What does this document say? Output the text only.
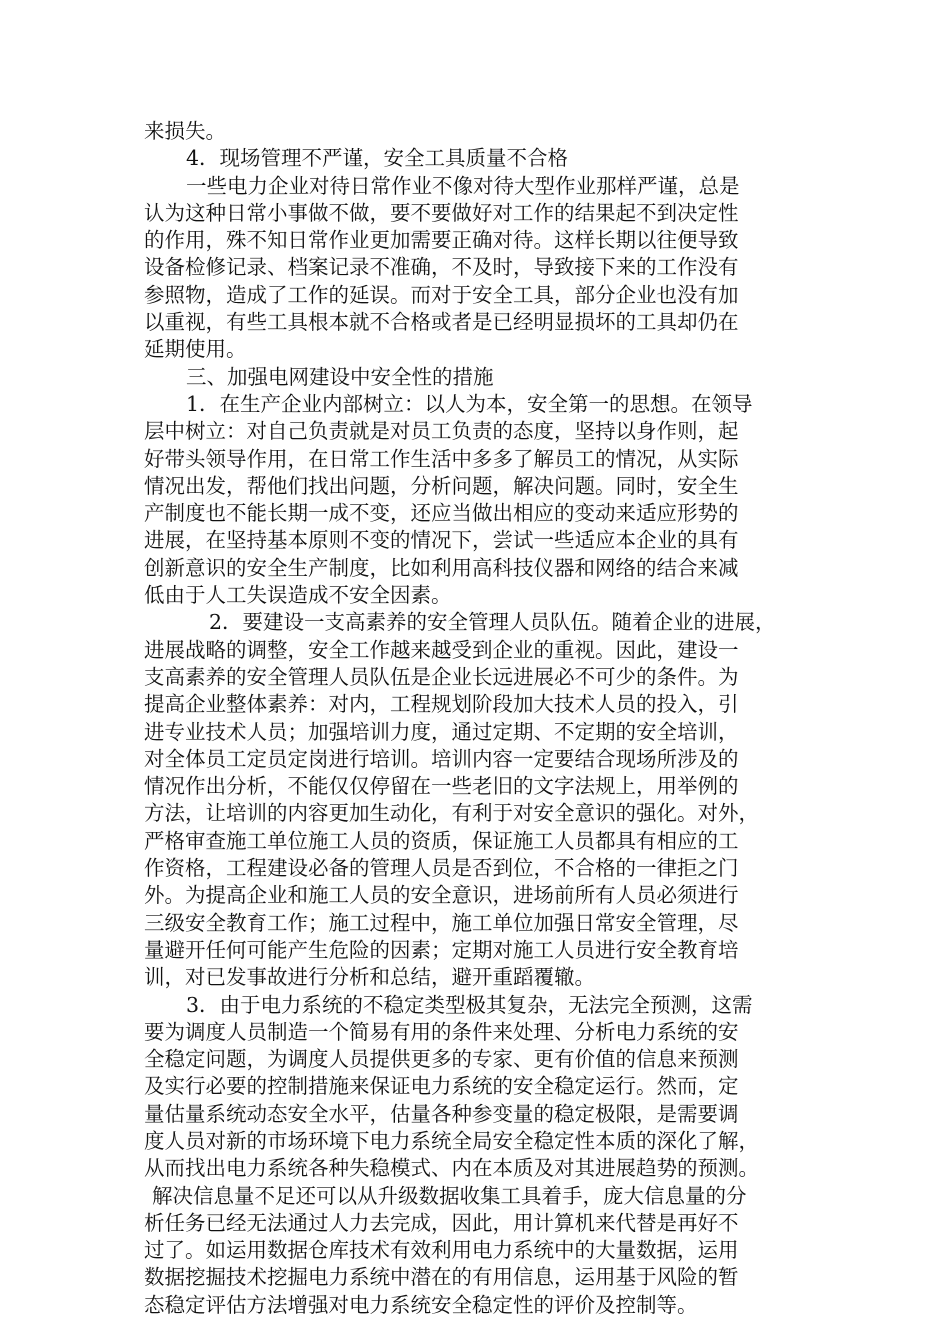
来损失。
4．现场管理不严谨，安全工具质量不合格
一些电力企业对待日常作业不像对待大型作业那样严谨，总是
认为这种日常小事做不做，要不要做好对工作的结果起不到决定性
的作用，殊不知日常作业更加需要正确对待。这样长期以往便导致
设备检修记录、档案记录不准确，不及时，导致接下来的工作没有
参照物，造成了工作的延误。而对于安全工具，部分企业也没有加
以重视，有些工具根本就不合格或者是已经明显损坏的工具却仍在
延期使用。
三、加强电网建设中安全性的措施
1．在生产企业内部树立：以人为本，安全第一的思想。在领导
层中树立：对自己负责就是对员工负责的态度，坚持以身作则，起
好带头领导作用，在日常工作生活中多多了解员工的情况，从实际
情况出发，帮他们找出问题，分析问题，解决问题。同时，安全生
产制度也不能长期一成不变，还应当做出相应的变动来适应形势的
进展，在坚持基本原则不变的情况下，尝试一些适应本企业的具有
创新意识的安全生产制度，比如利用高科技仪器和网络的结合来减
低由于人工失误造成不安全因素。
2．要建设一支高素养的安全管理人员队伍。随着企业的进展，
进展战略的调整，安全工作越来越受到企业的重视。因此，建设一
支高素养的安全管理人员队伍是企业长远进展必不可少的条件。为
提高企业整体素养：对内，工程规划阶段加大技术人员的投入，引
进专业技术人员；加强培训力度，通过定期、不定期的安全培训，
对全体员工定员定岗进行培训。培训内容一定要结合现场所涉及的
情况作出分析，不能仅仅停留在一些老旧的文字法规上，用举例的
方法，让培训的内容更加生动化，有利于对安全意识的强化。对外，
严格审查施工单位施工人员的资质，保证施工人员都具有相应的工
作资格，工程建设必备的管理人员是否到位，不合格的一律拒之门
外。为提高企业和施工人员的安全意识，进场前所有人员必须进行
三级安全教育工作；施工过程中，施工单位加强日常安全管理，尽
量避开任何可能产生危险的因素；定期对施工人员进行安全教育培
训，对已发事故进行分析和总结，避开重蹈覆辙。
3．由于电力系统的不稳定类型极其复杂，无法完全预测，这需
要为调度人员制造一个简易有用的条件来处理、分析电力系统的安
全稳定问题，为调度人员提供更多的专家、更有价值的信息来预测
及实行必要的控制措施来保证电力系统的安全稳定运行。然而，定
量估量系统动态安全水平，估量各种参变量的稳定极限，是需要调
度人员对新的市场环境下电力系统全局安全稳定性本质的深化了解，
从而找出电力系统各种失稳模式、内在本质及对其进展趋势的预测。
解决信息量不足还可以从升级数据收集工具着手，庞大信息量的分
析任务已经无法通过人力去完成，因此，用计算机来代替是再好不
过了。如运用数据仓库技术有效利用电力系统中的大量数据，运用
数据挖掘技术挖掘电力系统中潜在的有用信息，运用基于风险的暂
态稳定评估方法增强对电力系统安全稳定性的评价及控制等。
